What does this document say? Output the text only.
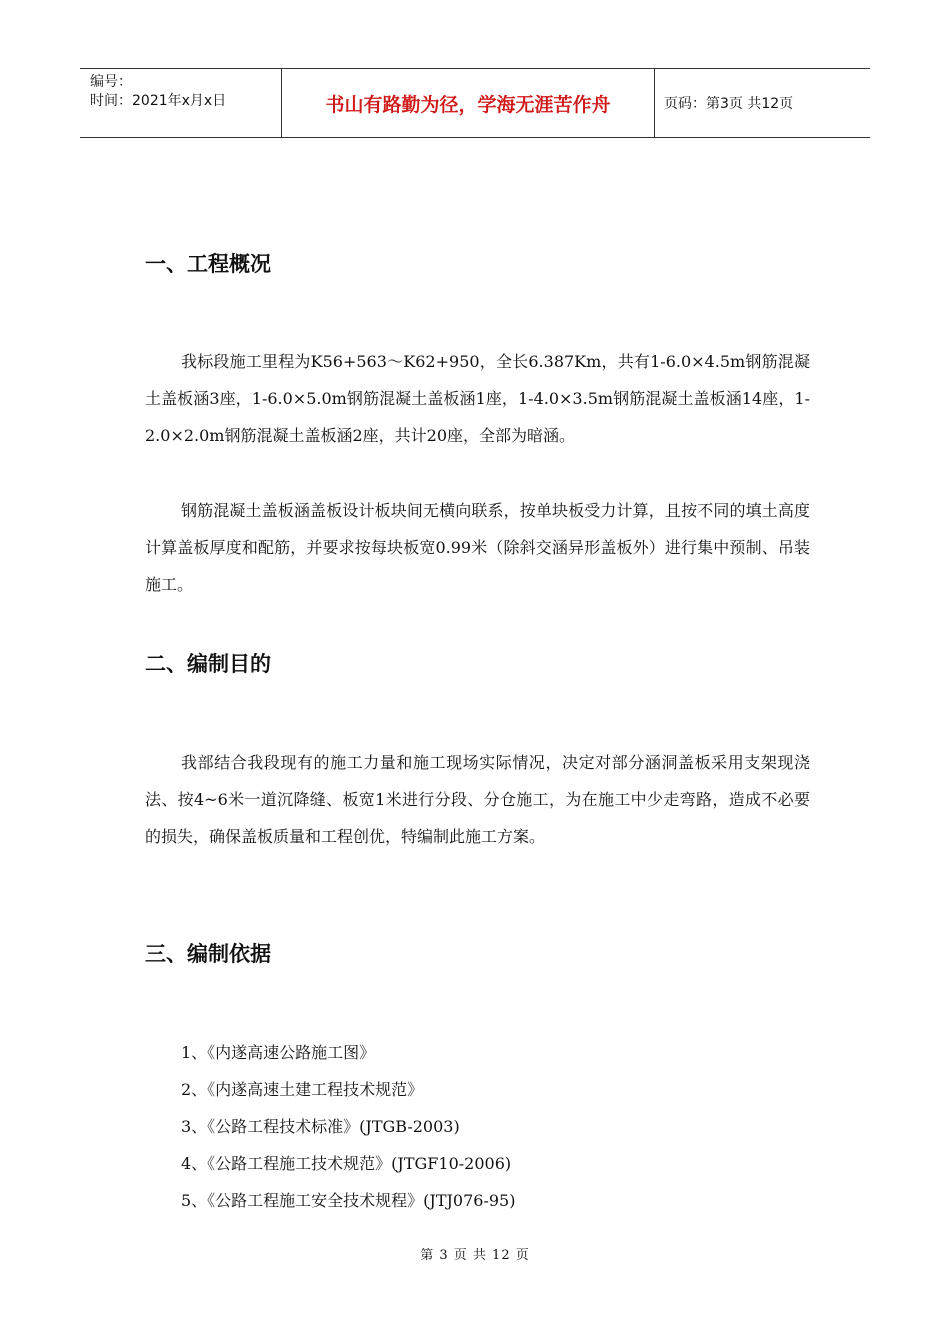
编号：
时间：2021年x月x日	书山有路勤为径，学海无涯苦作舟	页码：第3页 共12页
一、工程概况
我标段施工里程为K56+563～K62+950，全长6.387Km，共有1-6.0×4.5m钢筋混凝土盖板涵3座，1-6.0×5.0m钢筋混凝土盖板涵1座，1-4.0×3.5m钢筋混凝土盖板涵14座，1-2.0×2.0m钢筋混凝土盖板涵2座，共计20座，全部为暗涵。
钢筋混凝土盖板涵盖板设计板块间无横向联系，按单块板受力计算，且按不同的填土高度计算盖板厚度和配筋，并要求按每块板宽0.99米（除斜交涵异形盖板外）进行集中预制、吊装施工。
二、编制目的
我部结合我段现有的施工力量和施工现场实际情况，决定对部分涵洞盖板采用支架现浇法、按4~6米一道沉降缝、板宽1米进行分段、分仓施工，为在施工中少走弯路，造成不必要的损失，确保盖板质量和工程创优，特编制此施工方案。
三、编制依据
1、《内遂高速公路施工图》
2、《内遂高速土建工程技术规范》
3、《公路工程技术标准》(JTGB-2003)
4、《公路工程施工技术规范》(JTGF10-2006)
5、《公路工程施工安全技术规程》(JTJ076-95)
第 3 页 共 12 页
